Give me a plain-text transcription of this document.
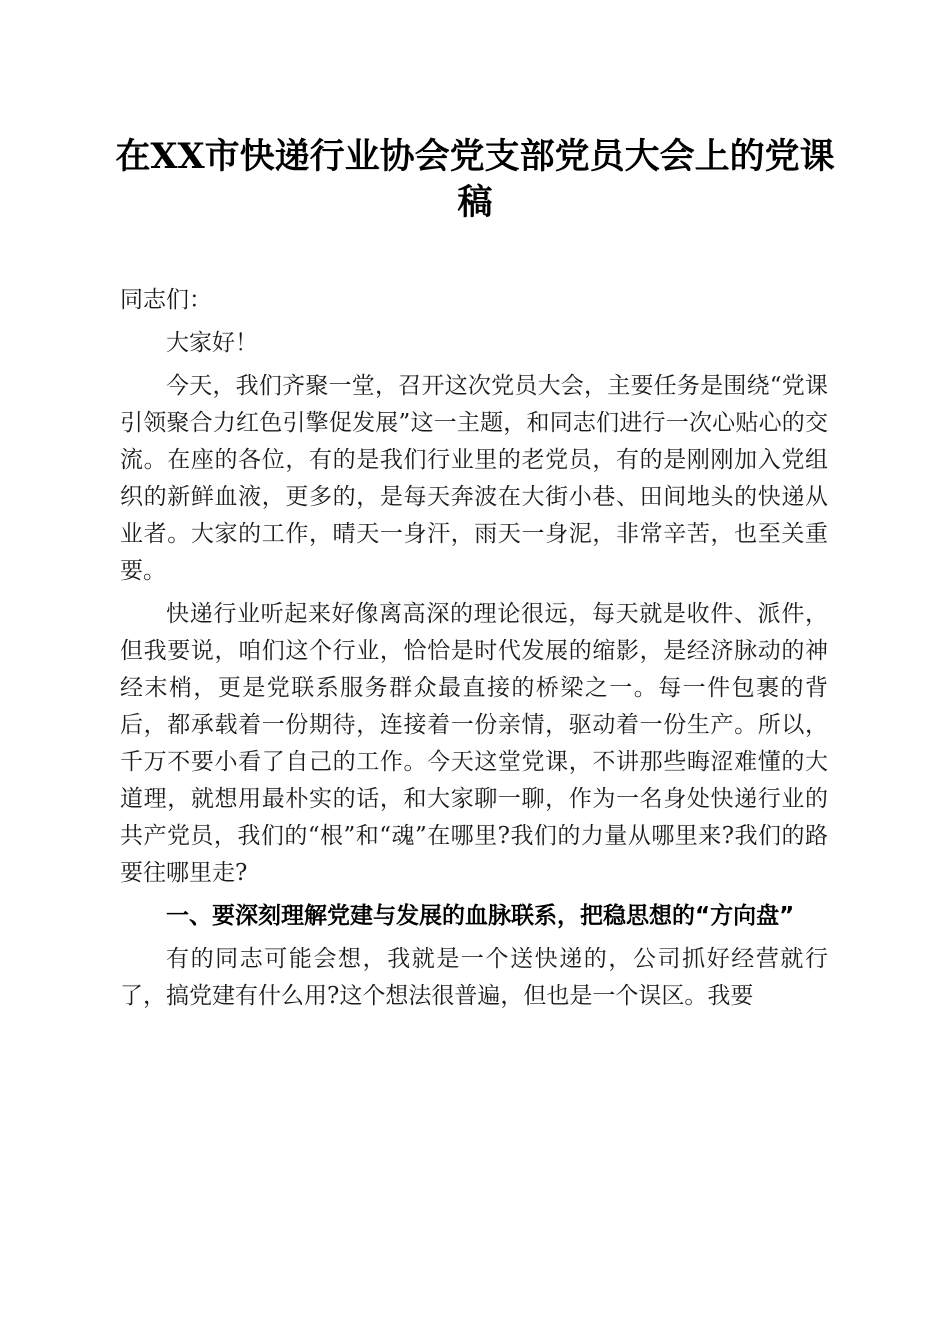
在XX市快递行业协会党支部党员大会上的党课稿

同志们：

大家好！

今天，我们齐聚一堂，召开这次党员大会，主要任务是围绕“党课引领聚合力红色引擎促发展”这一主题，和同志们进行一次心贴心的交流。在座的各位，有的是我们行业里的老党员，有的是刚刚加入党组织的新鲜血液，更多的，是每天奔波在大街小巷、田间地头的快递从业者。大家的工作，晴天一身汗，雨天一身泥，非常辛苦，也至关重要。

快递行业听起来好像离高深的理论很远，每天就是收件、派件，但我要说，咱们这个行业，恰恰是时代发展的缩影，是经济脉动的神经末梢，更是党联系服务群众最直接的桥梁之一。每一件包裹的背后，都承载着一份期待，连接着一份亲情，驱动着一份生产。所以，千万不要小看了自己的工作。今天这堂党课，不讲那些晦涩难懂的大道理，就想用最朴实的话，和大家聊一聊，作为一名身处快递行业的共产党员，我们的“根”和“魂”在哪里?我们的力量从哪里来?我们的路要往哪里走?

一、要深刻理解党建与发展的血脉联系，把稳思想的“方向盘”

有的同志可能会想，我就是一个送快递的，公司抓好经营就行了，搞党建有什么用?这个想法很普遍，但也是一个误区。我要
